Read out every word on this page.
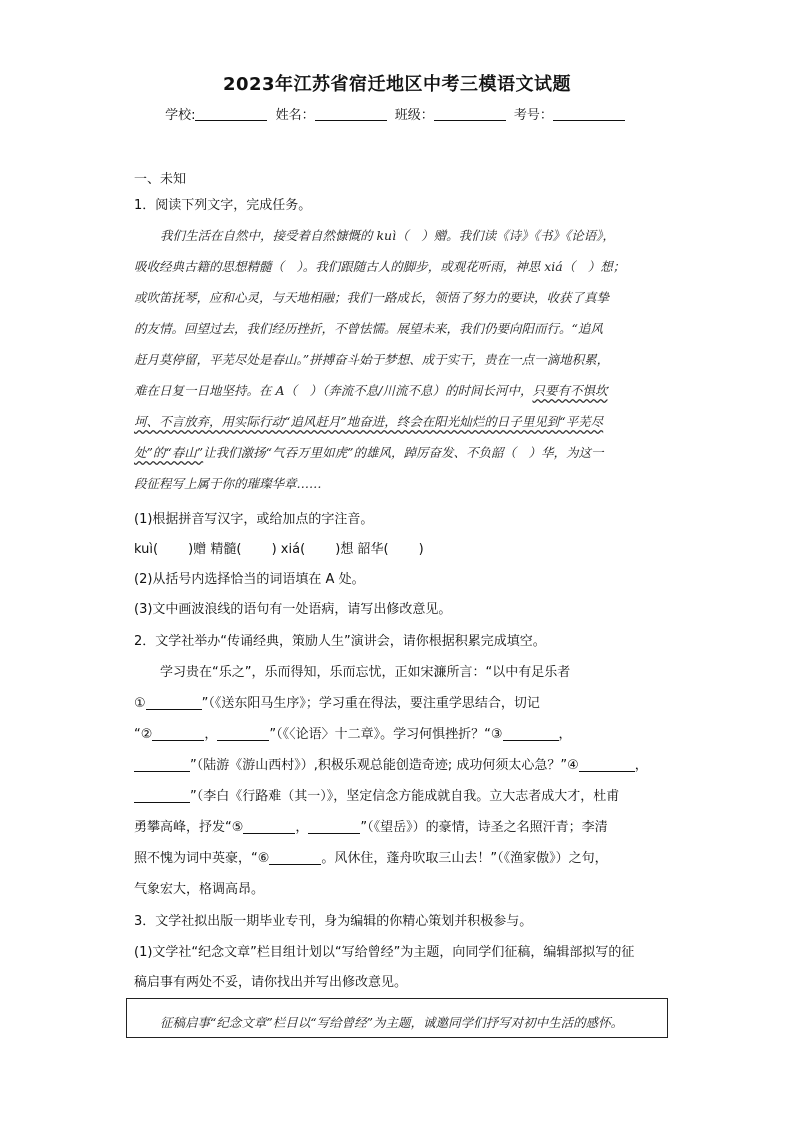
2023年江苏省宿迁地区中考三模语文试题
学校:	姓名：	班级：	考号：
一、未知
1．阅读下列文字，完成任务。
我们生活在自然中，接受着自然慷慨的 kuì（　）赠。我们读《诗》《书》《论语》，
吸收经典古籍的思想精髓（　）。我们跟随古人的脚步，或观花听雨，神思 xiá（　）想；
或吹笛抚琴，应和心灵，与天地相融；我们一路成长，领悟了努力的要诀，收获了真挚
的友情。回望过去，我们经历挫折，不曾怯懦。展望未来，我们仍要向阳而行。“追风
赶月莫停留，平芜尽处是春山。”拼搏奋斗始于梦想、成于实干，贵在一点一滴地积累，
难在日复一日地坚持。在 A（　）（奔流不息/川流不息）的时间长河中，只要有不惧坎
坷、不言放弃，用实际行动“追风赶月”地奋进，终会在阳光灿烂的日子里见到“平芜尽
处”的“春山”让我们激扬“气吞万里如虎”的雄风，踔厉奋发、不负韶（　）华，为这一
段征程写上属于你的璀璨华章……
(1)根据拼音写汉字，或给加点的字注音。
kuì(　　 )赠 精髓(　　 ) xiá(　　 )想 韶华(　　 )
(2)从括号内选择恰当的词语填在 A 处。
(3)文中画波浪线的语句有一处语病，请写出修改意见。
2．文学社举办“传诵经典，策励人生”演讲会，请你根据积累完成填空。
学习贵在“乐之”，乐而得知，乐而忘忧，正如宋濂所言：“以中有足乐者
①	”（《送东阳马生序》；学习重在得法，要注重学思结合，切记
“②	，	”（《〈论语〉十二章》。学习何惧挫折？“③	，
”（陆游《游山西村》）,积极乐观总能创造奇迹; 成功何须太心急？”④	，
”（李白《行路难（其一）》，坚定信念方能成就自我。立大志者成大才，杜甫
勇攀高峰，抒发“⑤	，	”（《望岳》）的豪情，诗圣之名照汗青；李清
照不愧为词中英豪，“⑥	。风休住，蓬舟吹取三山去！”（《渔家傲》）之句，
气象宏大，格调高昂。
3．文学社拟出版一期毕业专刊，身为编辑的你精心策划并积极参与。
(1)文学社“纪念文章”栏目组计划以“写给曾经”为主题，向同学们征稿，编辑部拟写的征
稿启事有两处不妥，请你找出并写出修改意见。
征稿启事“纪念文章”栏目以“写给曾经”为主题，诚邀同学们抒写对初中生活的感怀。
